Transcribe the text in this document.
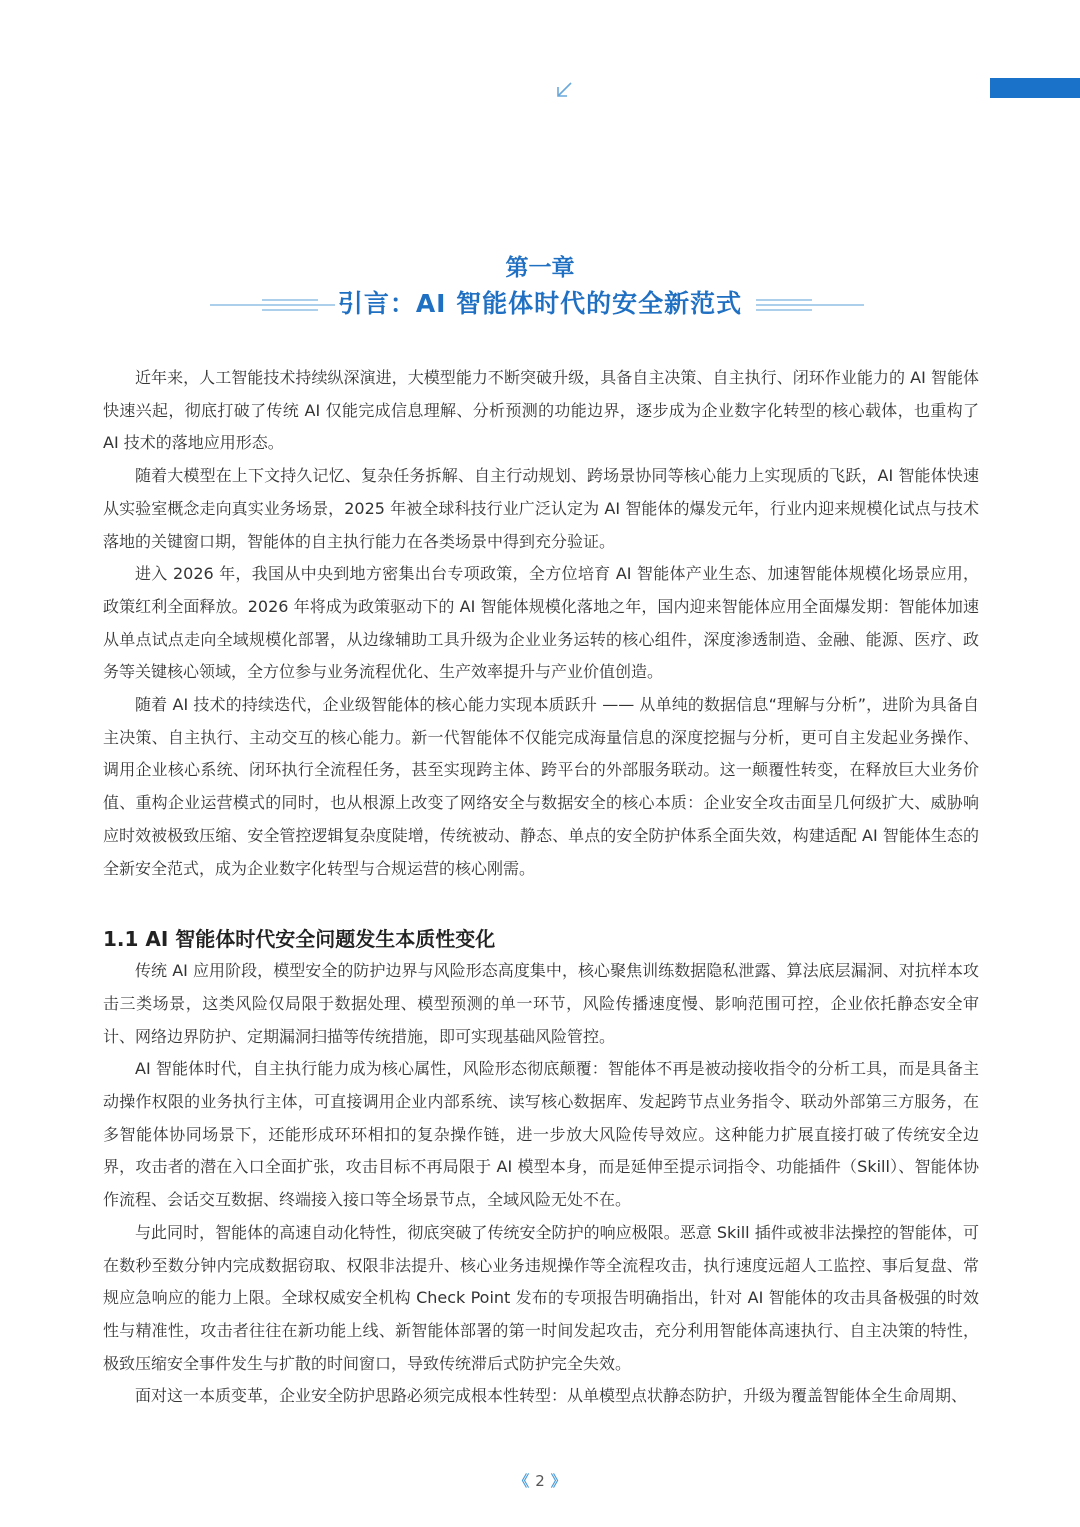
第一章
引言：AI 智能体时代的安全新范式

近年来，人工智能技术持续纵深演进，大模型能力不断突破升级，具备自主决策、自主执行、闭环作业能力的 AI 智能体快速兴起，彻底打破了传统 AI 仅能完成信息理解、分析预测的功能边界，逐步成为企业数字化转型的核心载体，也重构了 AI 技术的落地应用形态。

随着大模型在上下文持久记忆、复杂任务拆解、自主行动规划、跨场景协同等核心能力上实现质的飞跃，AI 智能体快速从实验室概念走向真实业务场景，2025 年被全球科技行业广泛认定为 AI 智能体的爆发元年，行业内迎来规模化试点与技术落地的关键窗口期，智能体的自主执行能力在各类场景中得到充分验证。

进入 2026 年，我国从中央到地方密集出台专项政策，全方位培育 AI 智能体产业生态、加速智能体规模化场景应用，政策红利全面释放。2026 年将成为政策驱动下的 AI 智能体规模化落地之年，国内迎来智能体应用全面爆发期：智能体加速从单点试点走向全域规模化部署，从边缘辅助工具升级为企业业务运转的核心组件，深度渗透制造、金融、能源、医疗、政务等关键核心领域，全方位参与业务流程优化、生产效率提升与产业价值创造。

随着 AI 技术的持续迭代，企业级智能体的核心能力实现本质跃升 —— 从单纯的数据信息“理解与分析”，进阶为具备自主决策、自主执行、主动交互的核心能力。新一代智能体不仅能完成海量信息的深度挖掘与分析，更可自主发起业务操作、调用企业核心系统、闭环执行全流程任务，甚至实现跨主体、跨平台的外部服务联动。这一颠覆性转变，在释放巨大业务价值、重构企业运营模式的同时，也从根源上改变了网络安全与数据安全的核心本质：企业安全攻击面呈几何级扩大、威胁响应时效被极致压缩、安全管控逻辑复杂度陡增，传统被动、静态、单点的安全防护体系全面失效，构建适配 AI 智能体生态的全新安全范式，成为企业数字化转型与合规运营的核心刚需。

1.1 AI 智能体时代安全问题发生本质性变化

传统 AI 应用阶段，模型安全的防护边界与风险形态高度集中，核心聚焦训练数据隐私泄露、算法底层漏洞、对抗样本攻击三类场景，这类风险仅局限于数据处理、模型预测的单一环节，风险传播速度慢、影响范围可控，企业依托静态安全审计、网络边界防护、定期漏洞扫描等传统措施，即可实现基础风险管控。

AI 智能体时代，自主执行能力成为核心属性，风险形态彻底颠覆：智能体不再是被动接收指令的分析工具，而是具备主动操作权限的业务执行主体，可直接调用企业内部系统、读写核心数据库、发起跨节点业务指令、联动外部第三方服务，在多智能体协同场景下，还能形成环环相扣的复杂操作链，进一步放大风险传导效应。这种能力扩展直接打破了传统安全边界，攻击者的潜在入口全面扩张，攻击目标不再局限于 AI 模型本身，而是延伸至提示词指令、功能插件（Skill）、智能体协作流程、会话交互数据、终端接入接口等全场景节点，全域风险无处不在。

与此同时，智能体的高速自动化特性，彻底突破了传统安全防护的响应极限。恶意 Skill 插件或被非法操控的智能体，可在数秒至数分钟内完成数据窃取、权限非法提升、核心业务违规操作等全流程攻击，执行速度远超人工监控、事后复盘、常规应急响应的能力上限。全球权威安全机构 Check Point 发布的专项报告明确指出，针对 AI 智能体的攻击具备极强的时效性与精准性，攻击者往往在新功能上线、新智能体部署的第一时间发起攻击，充分利用智能体高速执行、自主决策的特性，极致压缩安全事件发生与扩散的时间窗口，导致传统滞后式防护完全失效。

面对这一本质变革，企业安全防护思路必须完成根本性转型：从单模型点状静态防护，升级为覆盖智能体全生命周期、

《 2 》
